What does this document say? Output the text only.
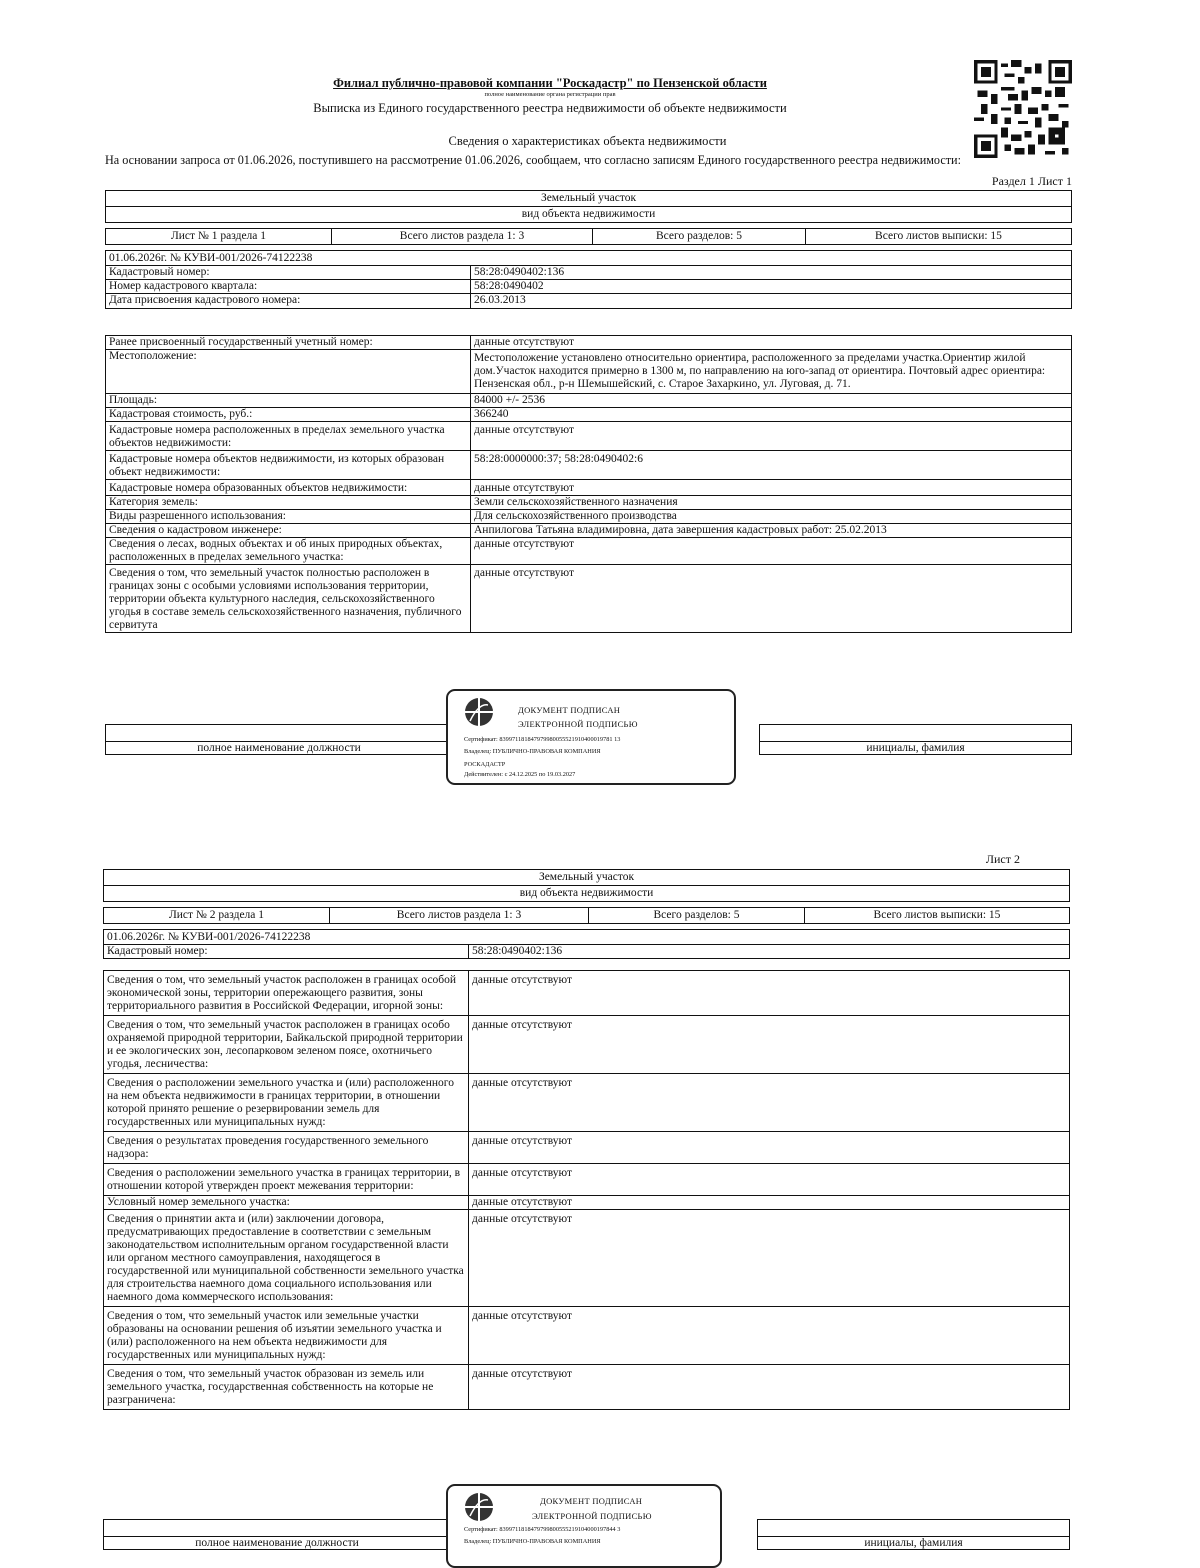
Филиал публично-правовой компании "Роскадастр" по Пензенской области
полное наименование органа регистрации прав
Выписка из Единого государственного реестра недвижимости об объекте недвижимости
Сведения о характеристиках объекта недвижимости
На основании запроса от 01.06.2026, поступившего на рассмотрение 01.06.2026, сообщаем, что согласно записям Единого государственного реестра недвижимости:
Раздел 1 Лист 1
Земельный участок
вид объекта недвижимости
Лист № 1 раздела 1	Всего листов раздела 1: 3	Всего разделов: 5	Всего листов выписки: 15
01.06.2026г. № КУВИ-001/2026-74122238	
Кадастровый номер:	58:28:0490402:136
Номер кадастрового квартала:	58:28:0490402
Дата присвоения кадастрового номера:	26.03.2013
Ранее присвоенный государственный учетный номер:	данные отсутствуют
Местоположение:	Местоположение установлено относительно ориентира, расположенного за пределами участка.Ориентир жилой дом.Участок находится примерно в 1300 м, по направлению на юго-запад от ориентира. Почтовый адрес ориентира: Пензенская обл., р-н Шемышейский, с. Старое Захаркино, ул. Луговая, д. 71.
Площадь:	84000 +/- 2536
Кадастровая стоимость, руб.:	366240
Кадастровые номера расположенных в пределах земельного участка объектов недвижимости:	данные отсутствуют
Кадастровые номера объектов недвижимости, из которых образован объект недвижимости:	58:28:0000000:37; 58:28:0490402:6
Кадастровые номера образованных объектов недвижимости:	данные отсутствуют
Категория земель:	Земли сельскохозяйственного назначения
Виды разрешенного использования:	Для сельскохозяйственного производства
Сведения о кадастровом инженере:	Анпилогова Татьяна владимировна, дата завершения кадастровых работ: 25.02.2013
Сведения о лесах, водных объектах и об иных природных объектах, расположенных в пределах земельного участка:	данные отсутствуют
Сведения о том, что земельный участок полностью расположен в границах зоны с особыми условиями использования территории, территории объекта культурного наследия, сельскохозяйственного угодья в составе земель сельскохозяйственного назначения, публичного сервитута	данные отсутствуют

полное наименование должности		инициалы, фамилия
ДОКУМЕНТ ПОДПИСАН
ЭЛЕКТРОННОЙ ПОДПИСЬЮ
Сертификат: 839971181847979980055521910400019781 13
Владелец: ПУБЛИЧНО-ПРАВОВАЯ КОМПАНИЯ
РОСКАДАСТР
Действителен: с 24.12.2025 по 19.03.2027
Лист 2
Земельный участок
вид объекта недвижимости
Лист № 2 раздела 1	Всего листов раздела 1: 3	Всего разделов: 5	Всего листов выписки: 15
01.06.2026г. № КУВИ-001/2026-74122238
Кадастровый номер:	58:28:0490402:136
Сведения о том, что земельный участок расположен в границах особой экономической зоны, территории опережающего развития, зоны территориального развития в Российской Федерации, игорной зоны:	данные отсутствуют
Сведения о том, что земельный участок расположен в границах особо охраняемой природной территории, Байкальской природной территории и ее экологических зон, лесопарковом зеленом поясе, охотничьего угодья, лесничества:	данные отсутствуют
Сведения о расположении земельного участка и (или) расположенного на нем объекта недвижимости в границах территории, в отношении которой принято решение о резервировании земель для государственных или муниципальных нужд:	данные отсутствуют
Сведения о результатах проведения государственного земельного надзора:	данные отсутствуют
Сведения о расположении земельного участка в границах территории, в отношении которой утвержден проект межевания территории:	данные отсутствуют
Условный номер земельного участка:	данные отсутствуют
Сведения о принятии акта и (или) заключении договора, предусматривающих предоставление в соответствии с земельным законодательством исполнительным органом государственной власти или органом местного самоуправления, находящегося в государственной или муниципальной собственности земельного участка для строительства наемного дома социального использования или наемного дома коммерческого использования:	данные отсутствуют
Сведения о том, что земельный участок или земельные участки образованы на основании решения об изъятии земельного участка и (или) расположенного на нем объекта недвижимости для государственных или муниципальных нужд:	данные отсутствуют
Сведения о том, что земельный участок образован из земель или земельного участка, государственная собственность на которые не разграничена:	данные отсутствуют

полное наименование должности		инициалы, фамилия
ДОКУМЕНТ ПОДПИСАН
ЭЛЕКТРОННОЙ ПОДПИСЬЮ
Сертификат: 8399711818479799800555219104000197844 3
Владелец: ПУБЛИЧНО-ПРАВОВАЯ КОМПАНИЯ
